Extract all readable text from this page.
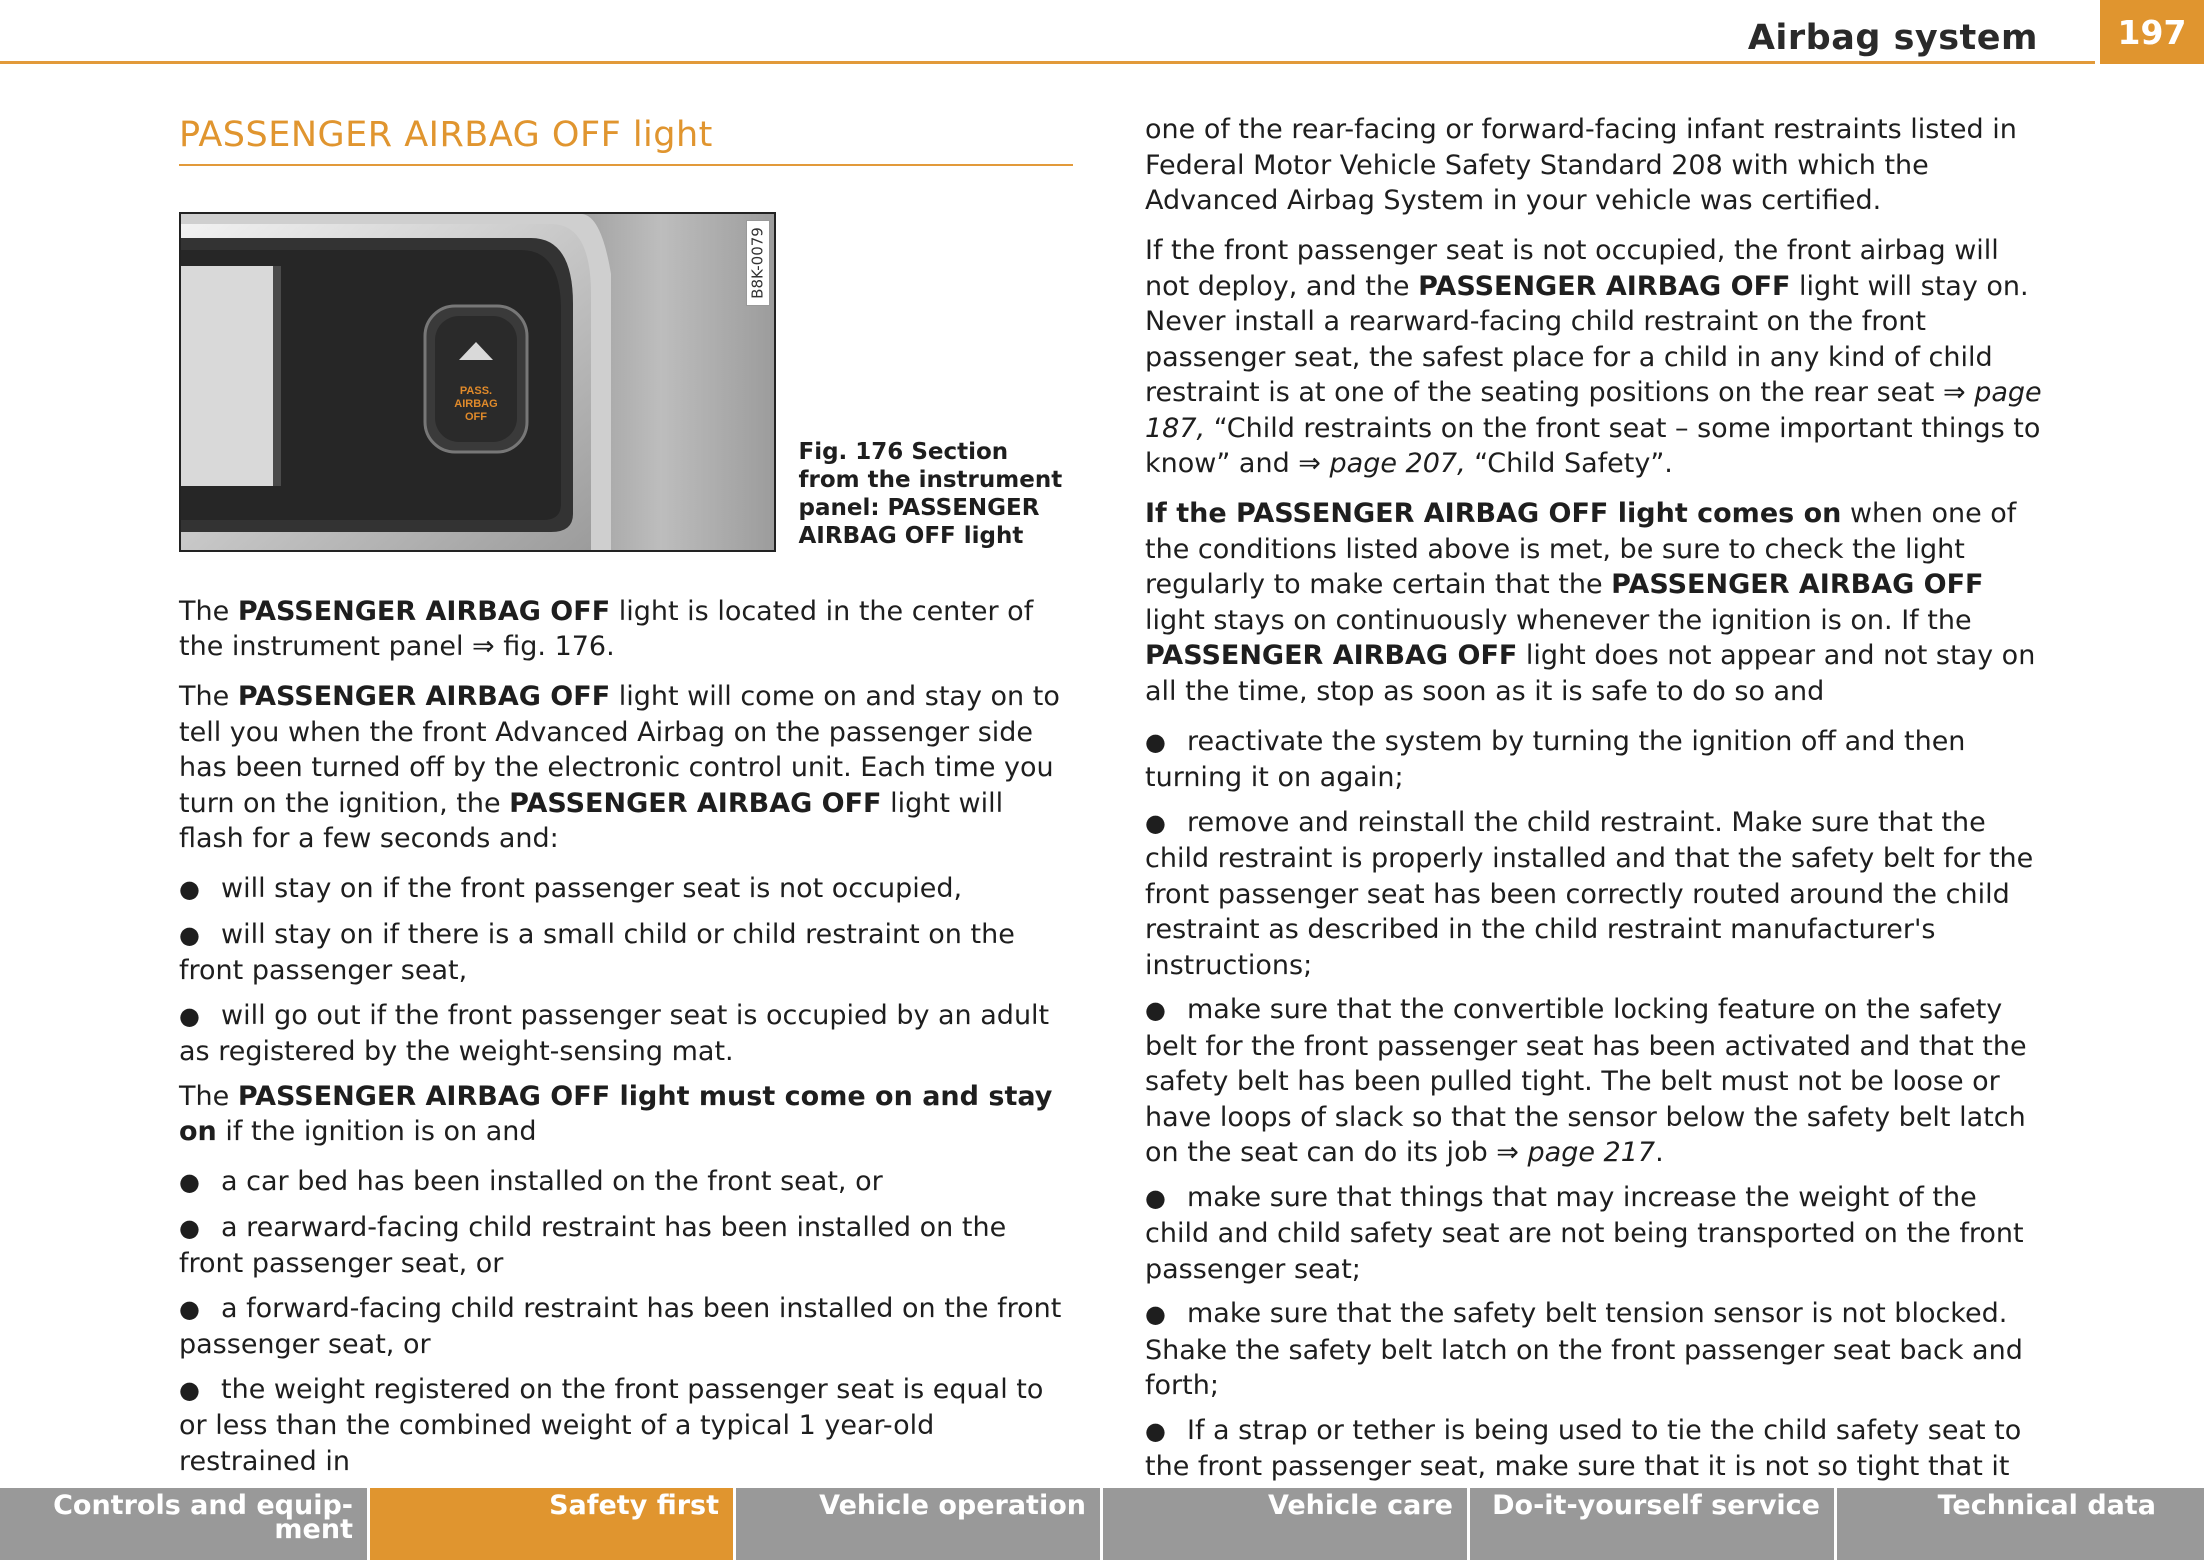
Airbag system	197
PASSENGER AIRBAG OFF light
PASS.
AIRBAG
OFF
B8K-0079
Fig. 176 Section from the instrument panel: PASSENGER AIRBAG OFF light

The PASSENGER AIRBAG OFF light is located in the center of the instrument panel ⇒ fig. 176.

The PASSENGER AIRBAG OFF light will come on and stay on to tell you when the front Advanced Airbag on the passenger side has been turned off by the electronic control unit. Each time you turn on the ignition, the PASSENGER AIRBAG OFF light will flash for a few seconds and:

● will stay on if the front passenger seat is not occupied,

● will stay on if there is a small child or child restraint on the front passenger seat,

● will go out if the front passenger seat is occupied by an adult as registered by the weight-sensing mat.

The PASSENGER AIRBAG OFF light must come on and stay on if the ignition is on and

● a car bed has been installed on the front seat, or

● a rearward-facing child restraint has been installed on the front passenger seat, or

● a forward-facing child restraint has been installed on the front passenger seat, or

● the weight registered on the front passenger seat is equal to or less than the combined weight of a typical 1 year-old restrained in

one of the rear-facing or forward-facing infant restraints listed in Federal Motor Vehicle Safety Standard 208 with which the Advanced Airbag System in your vehicle was certified.

If the front passenger seat is not occupied, the front airbag will not deploy, and the PASSENGER AIRBAG OFF light will stay on. Never install a rearward-facing child restraint on the front passenger seat, the safest place for a child in any kind of child restraint is at one of the seating positions on the rear seat ⇒ page 187, “Child restraints on the front seat – some important things to know” and ⇒ page 207, “Child Safety”.

If the PASSENGER AIRBAG OFF light comes on when one of the conditions listed above is met, be sure to check the light regularly to make certain that the PASSENGER AIRBAG OFF light stays on continuously whenever the ignition is on. If the PASSENGER AIRBAG OFF light does not appear and not stay on all the time, stop as soon as it is safe to do so and

● reactivate the system by turning the ignition off and then turning it on again;

● remove and reinstall the child restraint. Make sure that the child restraint is properly installed and that the safety belt for the front passenger seat has been correctly routed around the child restraint as described in the child restraint manufacturer's instructions;

● make sure that the convertible locking feature on the safety belt for the front passenger seat has been activated and that the safety belt has been pulled tight. The belt must not be loose or have loops of slack so that the sensor below the safety belt latch on the seat can do its job ⇒ page 217.

● make sure that things that may increase the weight of the child and child safety seat are not being transported on the front passenger seat;

● make sure that the safety belt tension sensor is not blocked. Shake the safety belt latch on the front passenger seat back and forth;

● If a strap or tether is being used to tie the child safety seat to the front passenger seat, make sure that it is not so tight that it

Controls and equip-
ment
Safety first	Vehicle operation	Vehicle care	Do-it-yourself service	Technical data
